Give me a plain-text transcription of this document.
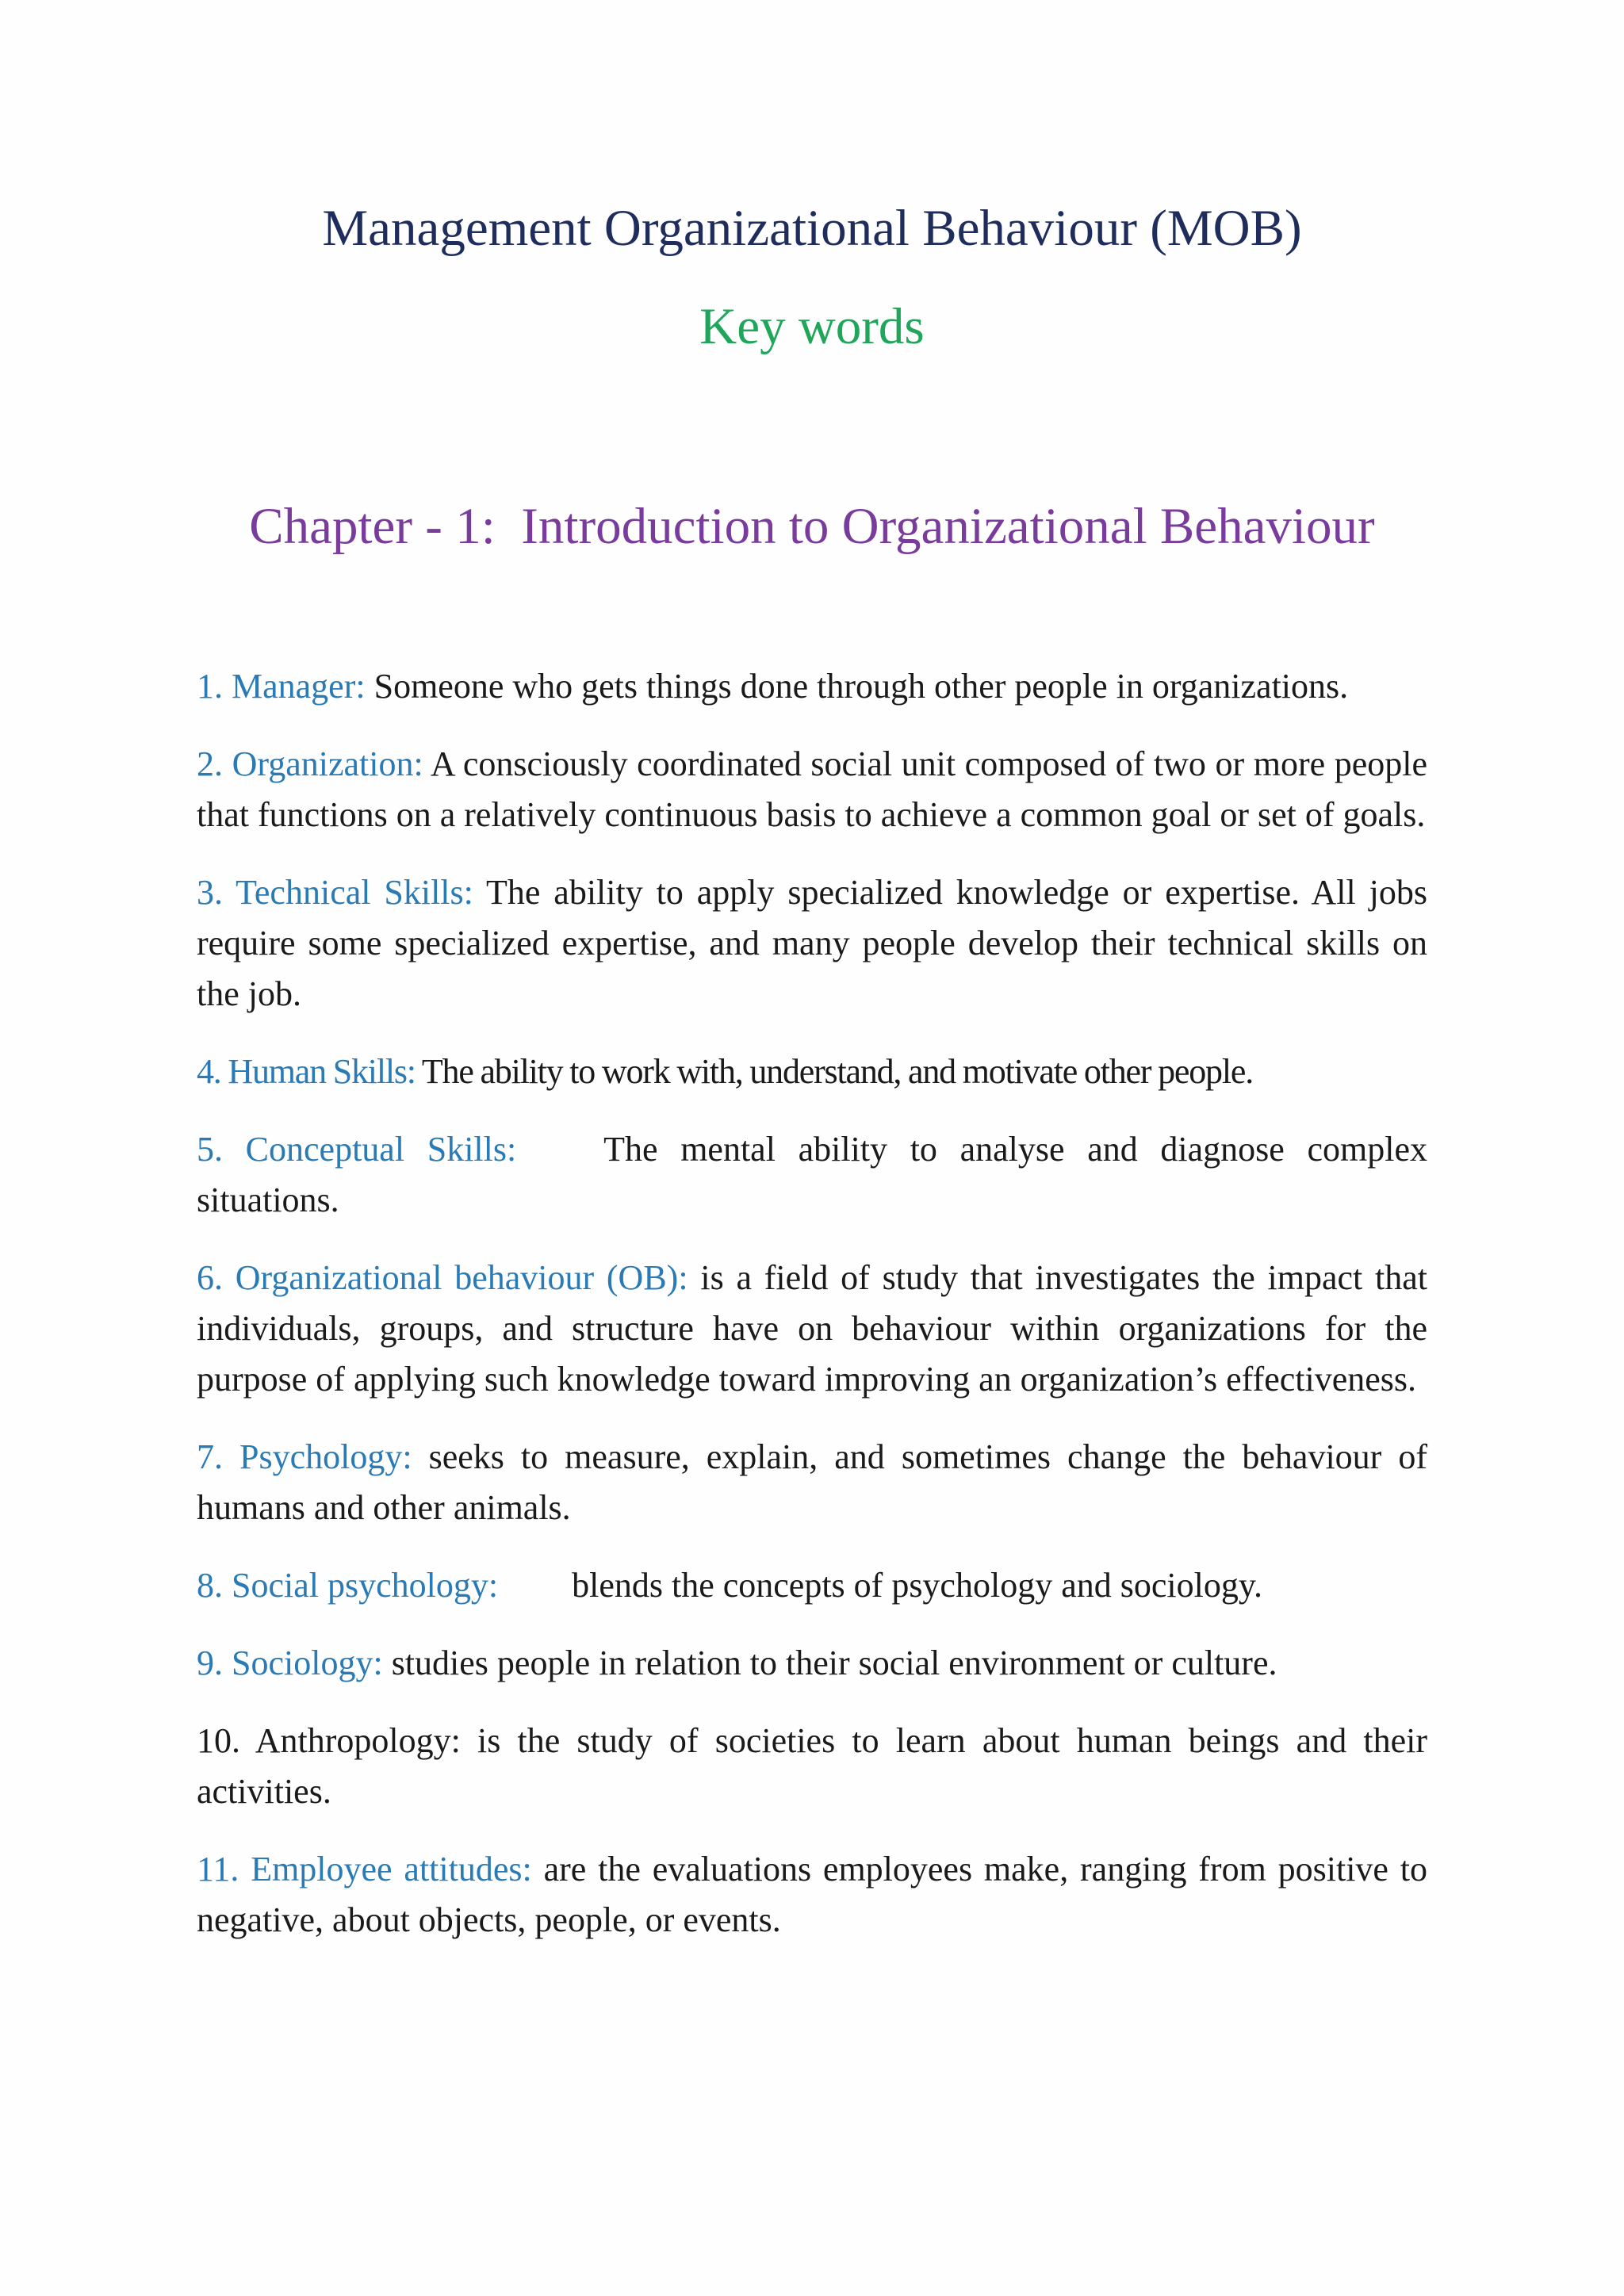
Management Organizational Behaviour (MOB)
Key words
Chapter - 1:  Introduction to Organizational Behaviour
1. Manager: Someone who gets things done through other people in organizations.
2. Organization: A consciously coordinated social unit composed of two or more people that functions on a relatively continuous basis to achieve a common goal or set of goals.
3. Technical Skills: The ability to apply specialized knowledge or expertise. All jobs require some specialized expertise, and many people develop their technical skills on the job.
4. Human Skills: The ability to work with, understand, and motivate other people.
5. Conceptual Skills: The mental ability to analyse and diagnose complex situations.
6. Organizational behaviour (OB): is a field of study that investigates the impact that individuals, groups, and structure have on behaviour within organizations for the purpose of applying such knowledge toward improving an organization’s effectiveness.
7. Psychology: seeks to measure, explain, and sometimes change the behaviour of humans and other animals.
8. Social psychology: blends the concepts of psychology and sociology.
9. Sociology: studies people in relation to their social environment or culture.
10. Anthropology: is the study of societies to learn about human beings and their activities.
11. Employee attitudes: are the evaluations employees make, ranging from positive to negative, about objects, people, or events.
